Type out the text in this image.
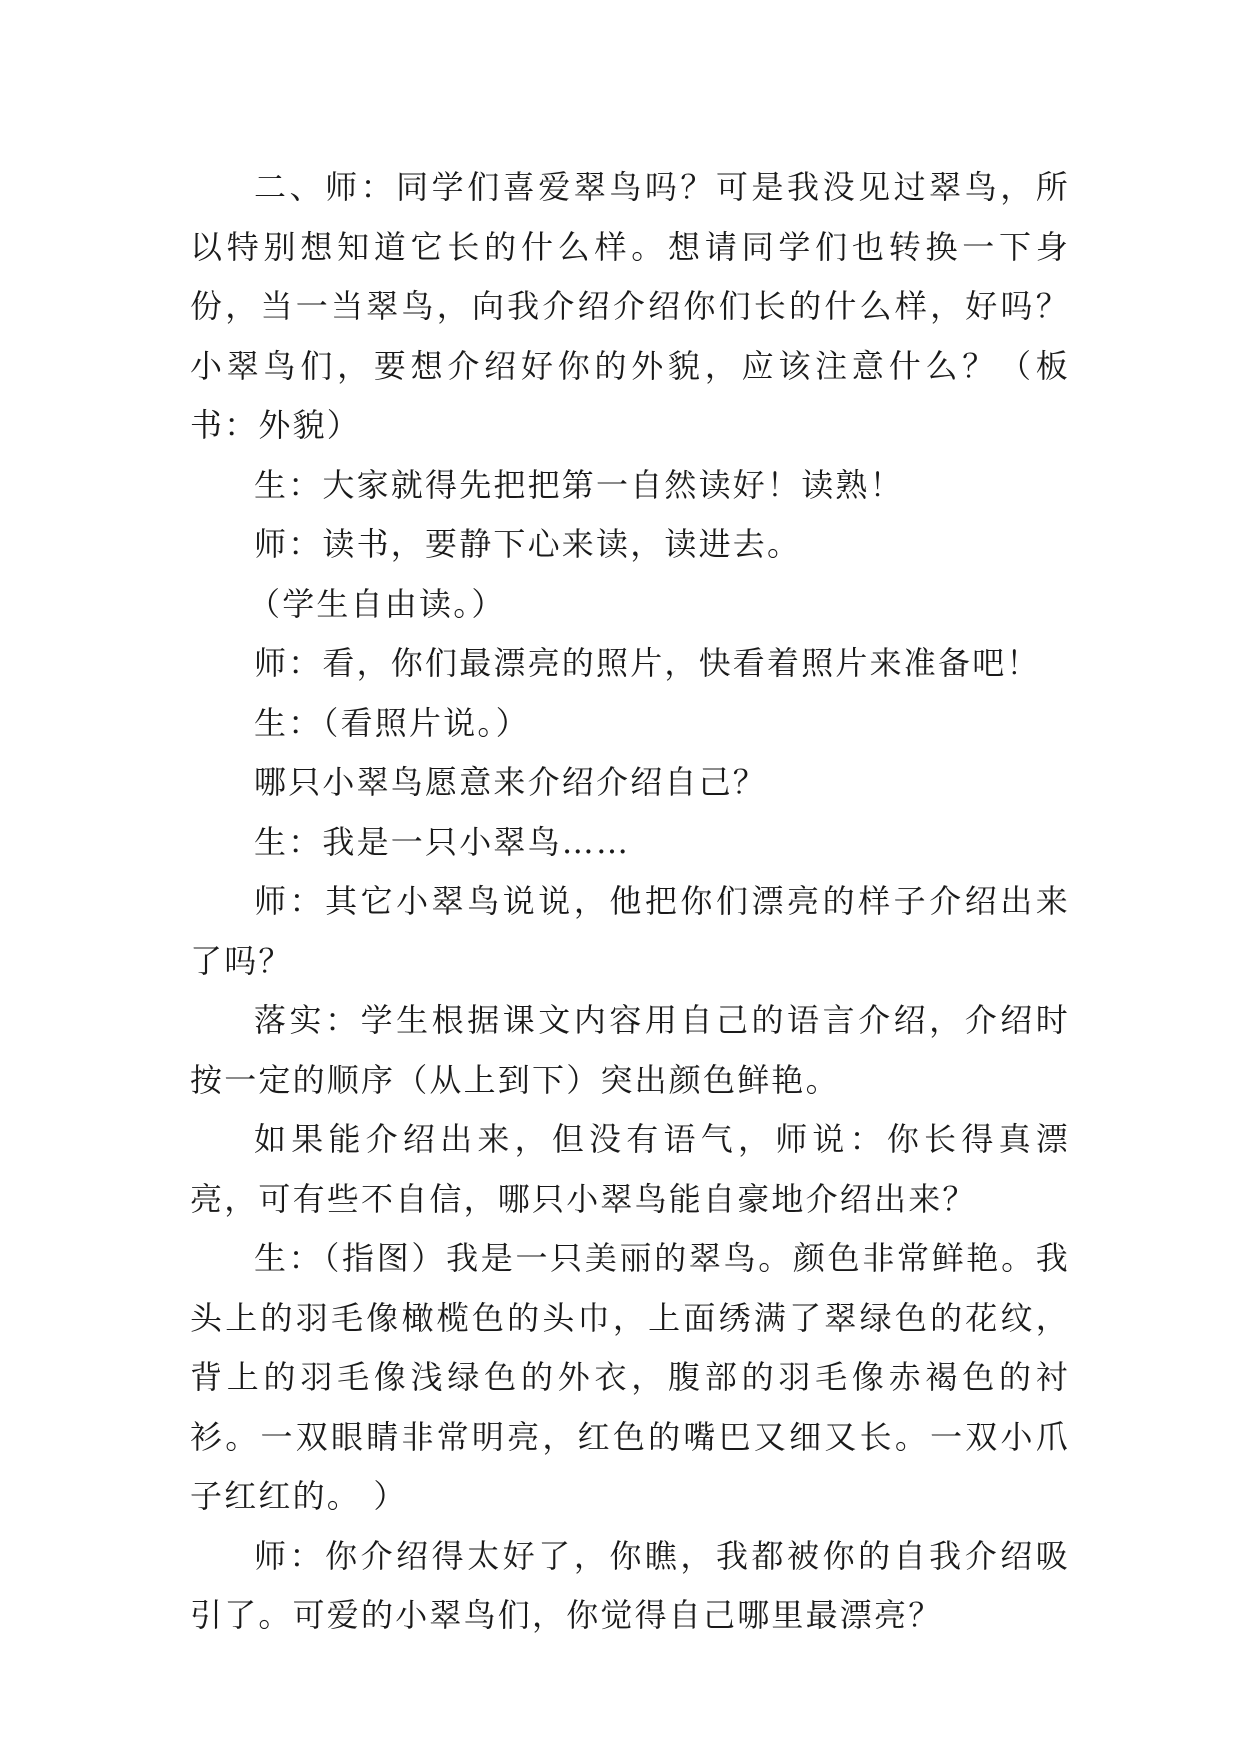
二、师：同学们喜爱翠鸟吗？可是我没见过翠鸟，所以特别想知道它长的什么样。想请同学们也转换一下身份，当一当翠鸟，向我介绍介绍你们长的什么样，好吗？小翠鸟们，要想介绍好你的外貌，应该注意什么？（板书：外貌）

生：大家就得先把把第一自然读好！读熟！

师：读书，要静下心来读，读进去。

（学生自由读。）

师：看，你们最漂亮的照片，快看着照片来准备吧！

生：（看照片说。）

哪只小翠鸟愿意来介绍介绍自己？

生：我是一只小翠鸟……

师：其它小翠鸟说说，他把你们漂亮的样子介绍出来了吗？

落实：学生根据课文内容用自己的语言介绍，介绍时按一定的顺序（从上到下）突出颜色鲜艳。

如果能介绍出来，但没有语气，师说：你长得真漂亮，可有些不自信，哪只小翠鸟能自豪地介绍出来？

生：（指图）我是一只美丽的翠鸟。颜色非常鲜艳。我头上的羽毛像橄榄色的头巾，上面绣满了翠绿色的花纹，背上的羽毛像浅绿色的外衣，腹部的羽毛像赤褐色的衬衫。一双眼睛非常明亮，红色的嘴巴又细又长。一双小爪子红红的。 ）

师：你介绍得太好了，你瞧，我都被你的自我介绍吸引了。可爱的小翠鸟们，你觉得自己哪里最漂亮？
